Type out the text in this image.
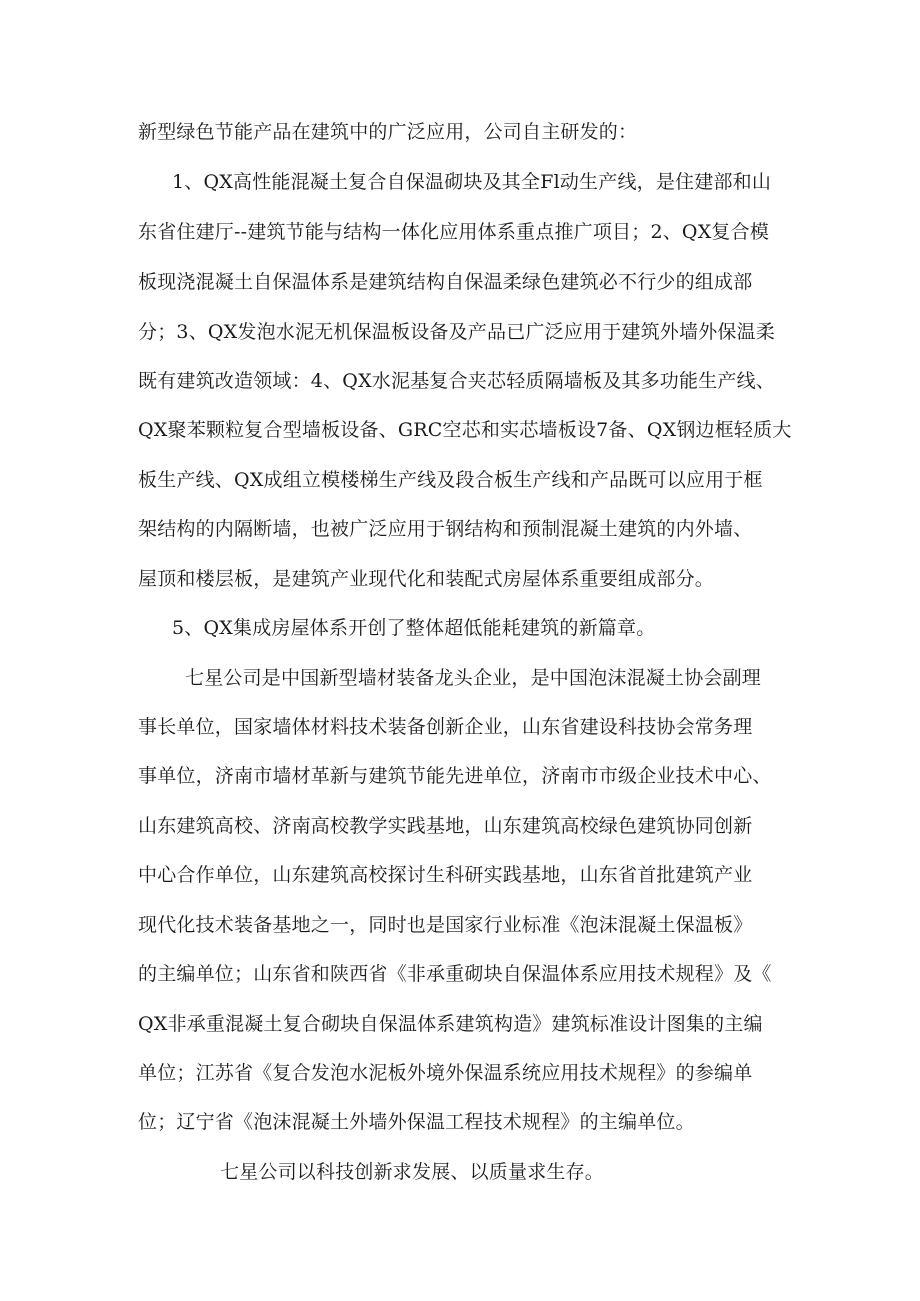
新型绿色节能产品在建筑中的广泛应用，公司自主研发的：
1、QX高性能混凝土复合自保温砌块及其全Fl动生产线，是住建部和山
东省住建厅--建筑节能与结构一体化应用体系重点推广项目；2、QX复合模
板现浇混凝土自保温体系是建筑结构自保温柔绿色建筑必不行少的组成部
分；3、QX发泡水泥无机保温板设备及产品已广泛应用于建筑外墙外保温柔
既有建筑改造领域：4、QX水泥基复合夹芯轻质隔墙板及其多功能生产线、
QX聚苯颗粒复合型墙板设备、GRC空芯和实芯墙板设7备、QX钢边框轻质大
板生产线、QX成组立模楼梯生产线及段合板生产线和产品既可以应用于框
架结构的内隔断墙，也被广泛应用于钢结构和预制混凝土建筑的内外墙、
屋顶和楼层板，是建筑产业现代化和装配式房屋体系重要组成部分。
5、QX集成房屋体系开创了整体超低能耗建筑的新篇章。
七星公司是中国新型墙材装备龙头企业，是中国泡沫混凝土协会副理
事长单位，国家墙体材料技术装备创新企业，山东省建设科技协会常务理
事单位，济南市墙材革新与建筑节能先进单位，济南市市级企业技术中心、
山东建筑高校、济南高校教学实践基地，山东建筑高校绿色建筑协同创新
中心合作单位，山东建筑高校探讨生科研实践基地，山东省首批建筑产业
现代化技术装备基地之一，同时也是国家行业标准《泡沫混凝土保温板》
的主编单位；山东省和陕西省《非承重砌块自保温体系应用技术规程》及《
QX非承重混凝土复合砌块自保温体系建筑构造》建筑标准设计图集的主编
单位；江苏省《复合发泡水泥板外境外保温系统应用技术规程》的参编单
位；辽宁省《泡沫混凝土外墙外保温工程技术规程》的主编单位。
七星公司以科技创新求发展、以质量求生存。
